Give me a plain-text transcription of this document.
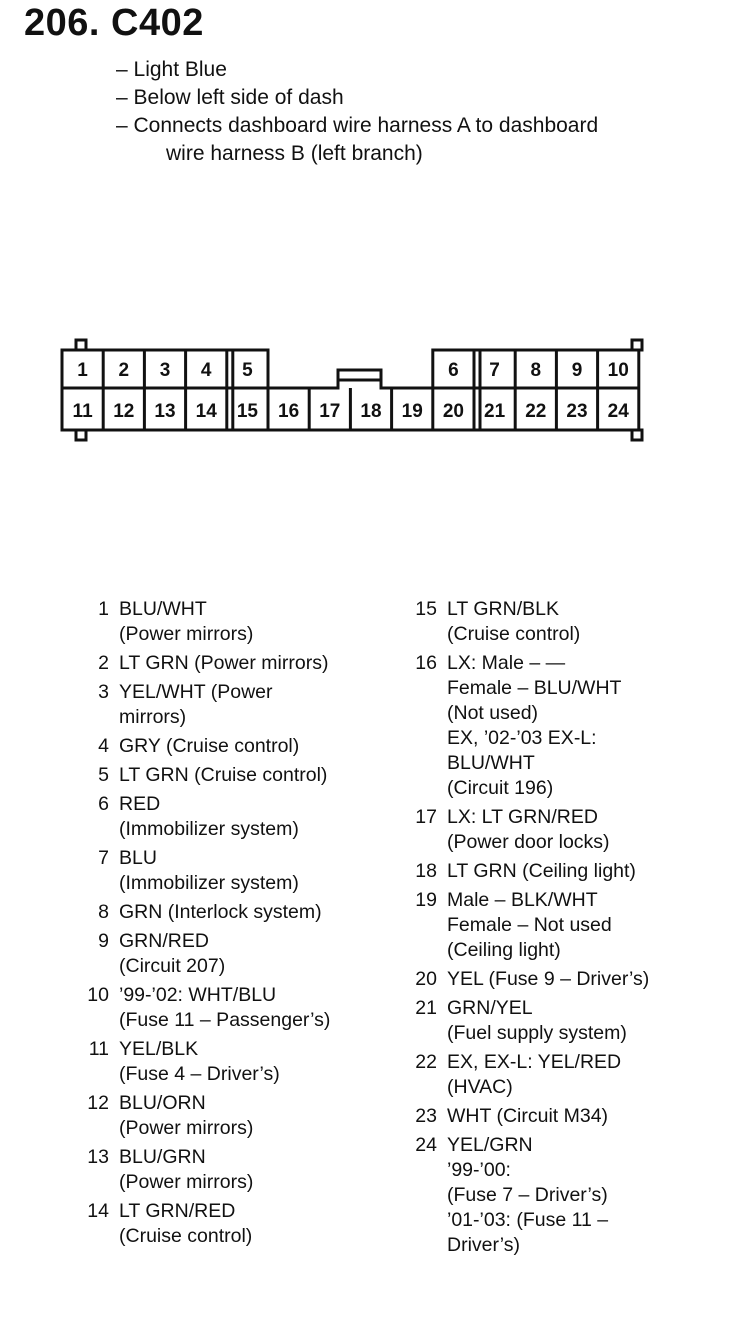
206. C402
– Light Blue
– Below left side of dash
– Connects dashboard wire harness A to dashboard
wire harness B (left branch)
1 2 3 4 5	6 7 8 9 10
11 12 13 14 15 16 17 18 19 20 21 22 23 24
1 BLU/WHT
(Power mirrors)
2 LT GRN (Power mirrors)
3 YEL/WHT (Power
mirrors)
4 GRY (Cruise control)
5 LT GRN (Cruise control)
6 RED
(Immobilizer system)
7 BLU
(Immobilizer system)
8 GRN (Interlock system)
9 GRN/RED
(Circuit 207)
10 ’99-’02: WHT/BLU
(Fuse 11 – Passenger’s)
11 YEL/BLK
(Fuse 4 – Driver’s)
12 BLU/ORN
(Power mirrors)
13 BLU/GRN
(Power mirrors)
14 LT GRN/RED
(Cruise control)
15 LT GRN/BLK
(Cruise control)
16 LX: Male – —
Female – BLU/WHT
(Not used)
EX, ’02-’03 EX-L:
BLU/WHT
(Circuit 196)
17 LX: LT GRN/RED
(Power door locks)
18 LT GRN (Ceiling light)
19 Male – BLK/WHT
Female – Not used
(Ceiling light)
20 YEL (Fuse 9 – Driver’s)
21 GRN/YEL
(Fuel supply system)
22 EX, EX-L: YEL/RED
(HVAC)
23 WHT (Circuit M34)
24 YEL/GRN
’99-’00:
(Fuse 7 – Driver’s)
’01-’03: (Fuse 11 –
Driver’s)
